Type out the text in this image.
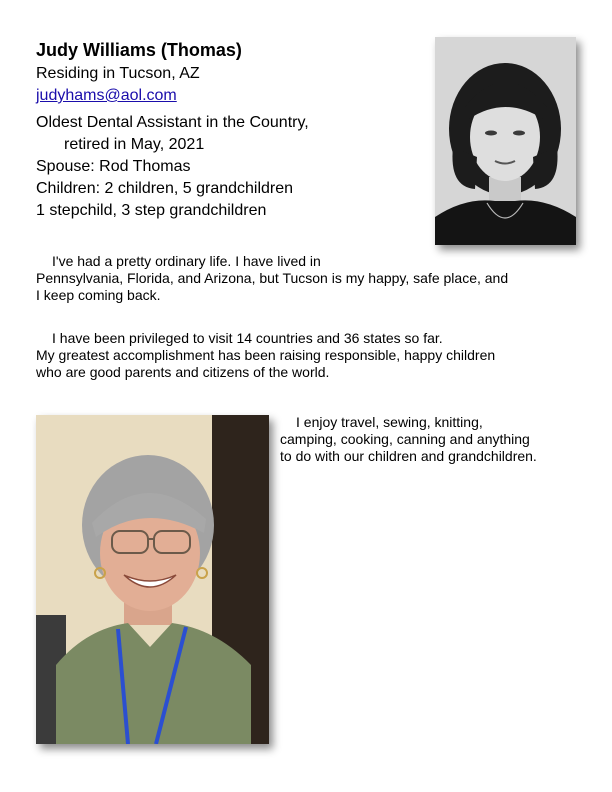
Judy Williams (Thomas)
Residing in Tucson, AZ
judyhams@aol.com
Oldest Dental Assistant in the Country,
retired in May, 2021
Spouse: Rod Thomas
Children: 2 children, 5 grandchildren
1 stepchild, 3 step grandchildren
I've had a pretty ordinary life. I have lived in
Pennsylvania, Florida, and Arizona, but Tucson is my happy, safe place, and
I keep coming back.
I have been privileged to visit 14 countries and 36 states so far.
My greatest accomplishment has been raising responsible, happy children
who are good parents and citizens of the world.
I enjoy travel, sewing, knitting,
camping, cooking, canning and anything
to do with our children and grandchildren.
